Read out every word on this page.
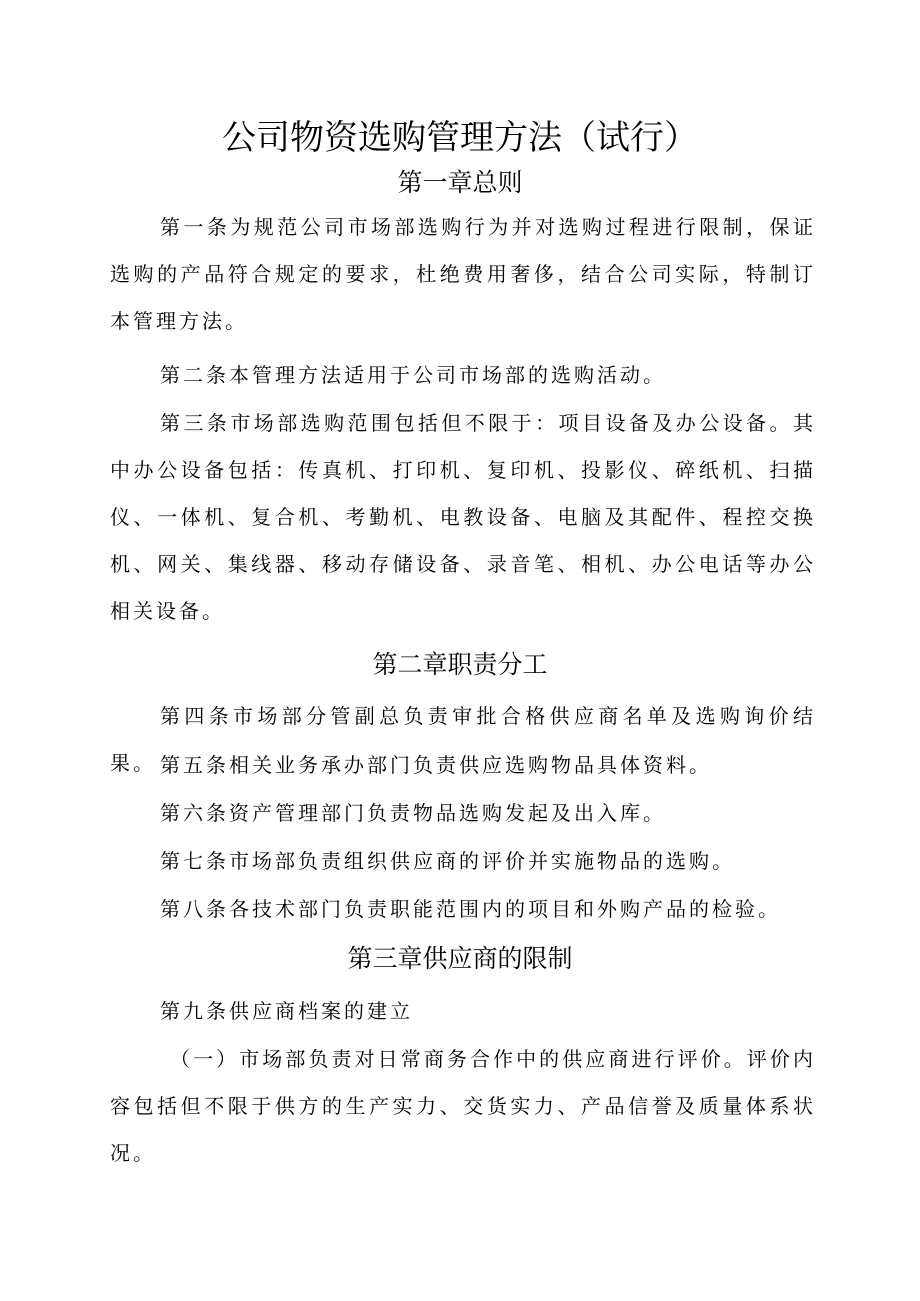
公司物资选购管理方法（试行）
第一章总则

第一条为规范公司市场部选购行为并对选购过程进行限制，保证选购的产品符合规定的要求，杜绝费用奢侈，结合公司实际，特制订本管理方法。

第二条本管理方法适用于公司市场部的选购活动。

第三条市场部选购范围包括但不限于：项目设备及办公设备。其中办公设备包括：传真机、打印机、复印机、投影仪、碎纸机、扫描仪、一体机、复合机、考勤机、电教设备、电脑及其配件、程控交换机、网关、集线器、移动存储设备、录音笔、相机、办公电话等办公相关设备。

第二章职责分工

第四条市场部分管副总负责审批合格供应商名单及选购询价结果。 第五条相关业务承办部门负责供应选购物品具体资料。

第六条资产管理部门负责物品选购发起及出入库。

第七条市场部负责组织供应商的评价并实施物品的选购。

第八条各技术部门负责职能范围内的项目和外购产品的检验。

第三章供应商的限制

第九条供应商档案的建立

（一）市场部负责对日常商务合作中的供应商进行评价。评价内容包括但不限于供方的生产实力、交货实力、产品信誉及质量体系状况。
